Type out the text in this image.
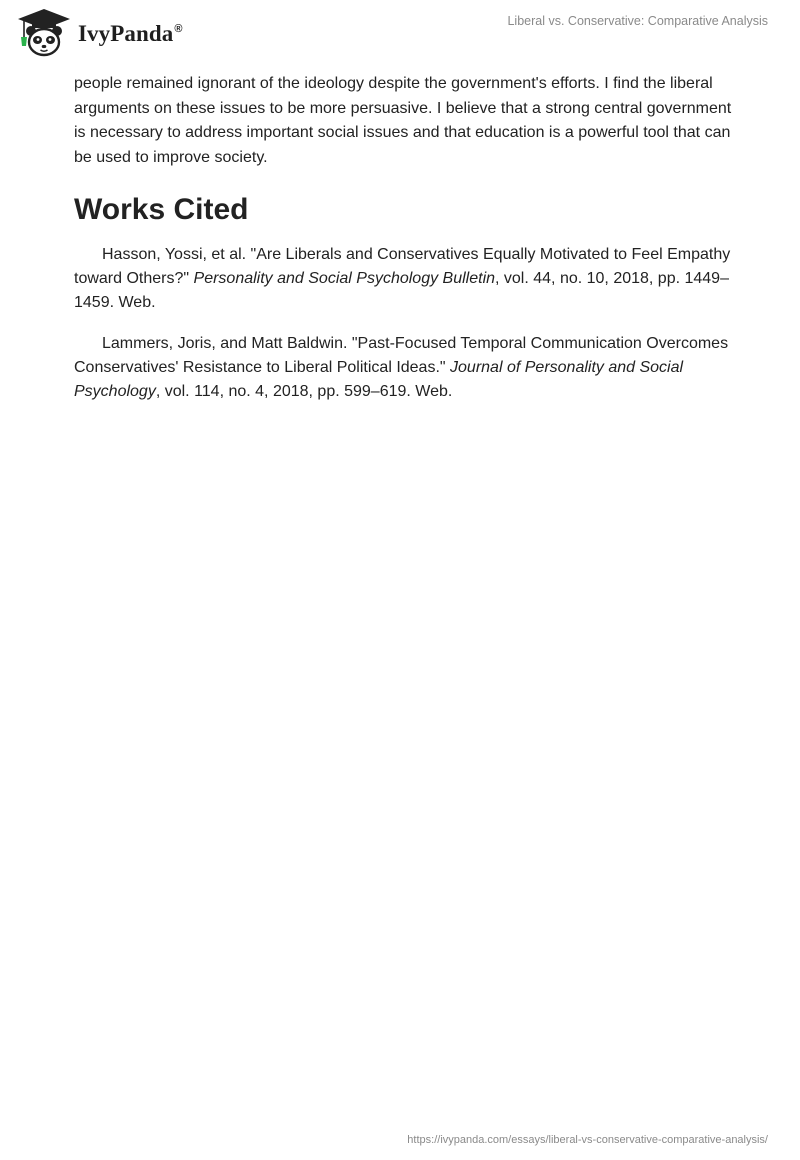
IvyPanda®
Liberal vs. Conservative: Comparative Analysis

people remained ignorant of the ideology despite the government's efforts. I find the liberal arguments on these issues to be more persuasive. I believe that a strong central government is necessary to address important social issues and that education is a powerful tool that can be used to improve society.

Works Cited

Hasson, Yossi, et al. "Are Liberals and Conservatives Equally Motivated to Feel Empathy toward Others?" Personality and Social Psychology Bulletin, vol. 44, no. 10, 2018, pp. 1449–1459. Web.

Lammers, Joris, and Matt Baldwin. "Past-Focused Temporal Communication Overcomes Conservatives' Resistance to Liberal Political Ideas." Journal of Personality and Social Psychology, vol. 114, no. 4, 2018, pp. 599–619. Web.

https://ivypanda.com/essays/liberal-vs-conservative-comparative-analysis/
